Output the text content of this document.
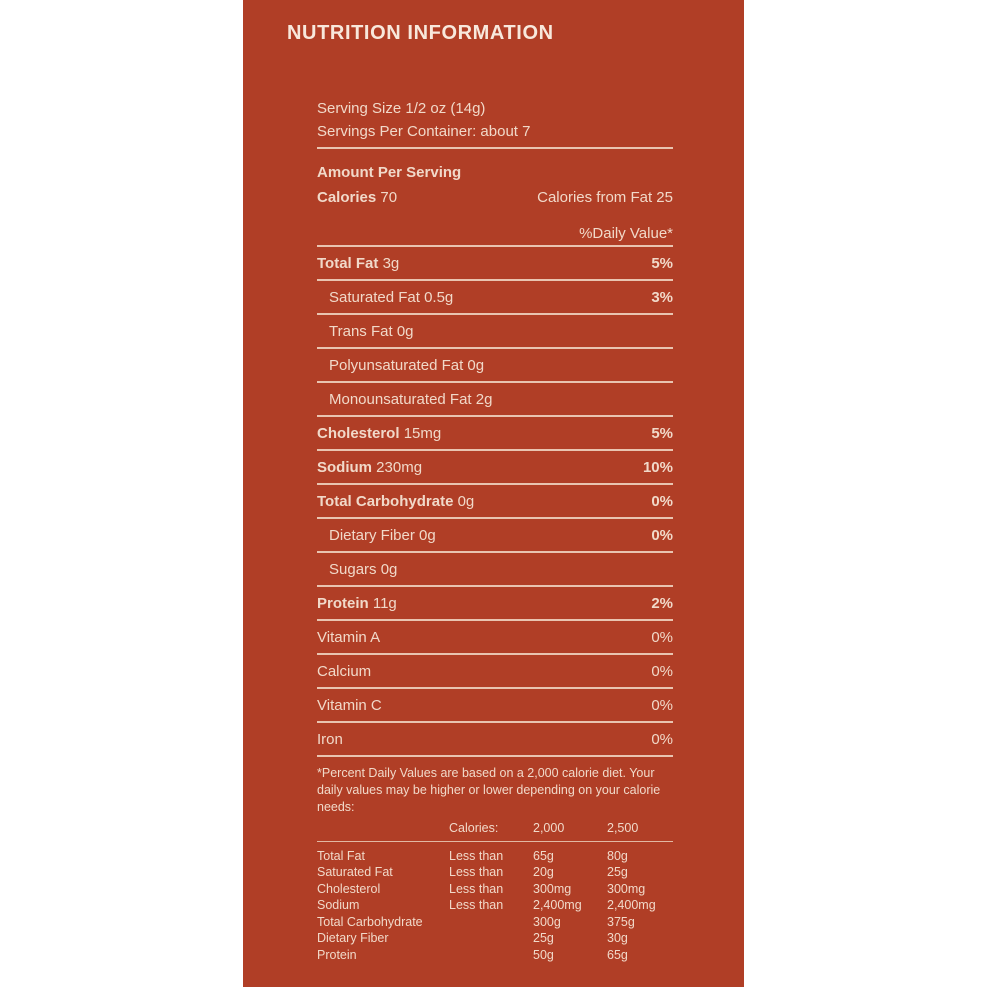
NUTRITION INFORMATION
Serving Size 1/2 oz (14g)
Servings Per Container: about 7
Amount Per Serving
Calories 70	Calories from Fat 25
%Daily Value*
Total Fat 3g	5%
Saturated Fat 0.5g	3%
Trans Fat 0g
Polyunsaturated Fat 0g
Monounsaturated Fat 2g
Cholesterol 15mg	5%
Sodium 230mg	10%
Total Carbohydrate 0g	0%
Dietary Fiber 0g	0%
Sugars 0g
Protein 11g	2%
Vitamin A	0%
Calcium	0%
Vitamin C	0%
Iron	0%
*Percent Daily Values are based on a 2,000 calorie diet. Your daily values may be higher or lower depending on your calorie needs:
	Calories:	2,000	2,500
Total Fat	Less than	65g	80g
Saturated Fat	Less than	20g	25g
Cholesterol	Less than	300mg	300mg
Sodium	Less than	2,400mg	2,400mg
Total Carbohydrate		300g	375g
Dietary Fiber		25g	30g
Protein		50g	65g
